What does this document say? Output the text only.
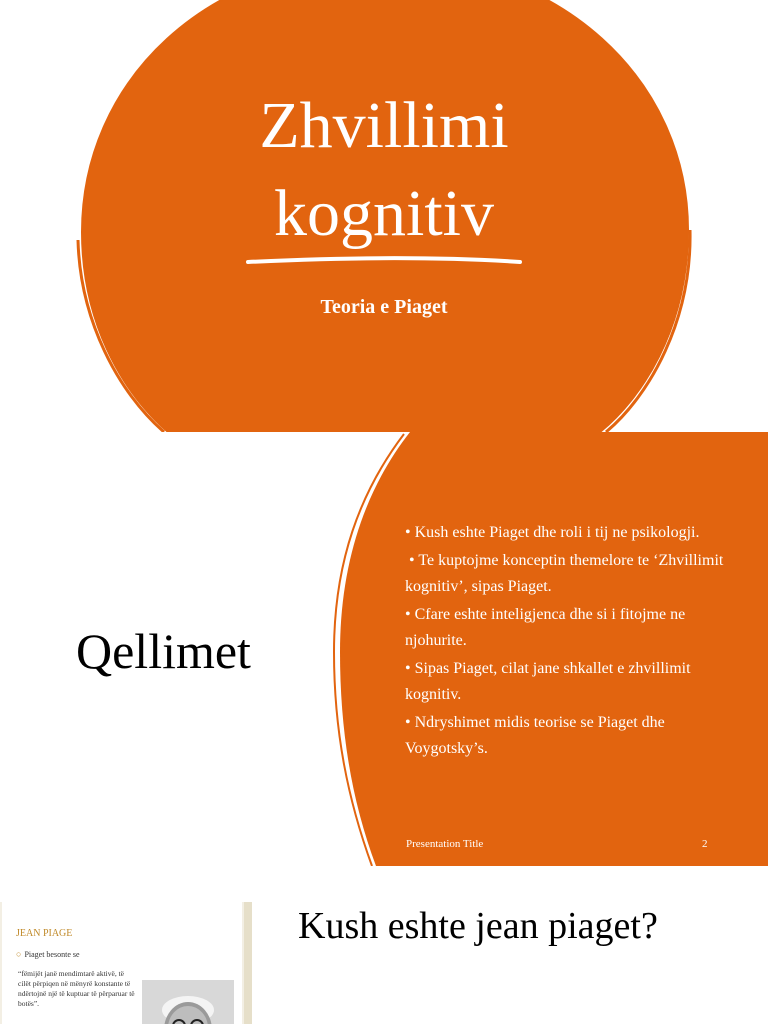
Zhvillimi
kognitiv
Teoria e Piaget
Qellimet
• Kush eshte Piaget dhe roli i tij ne psikologji.
• Te kuptojme konceptin themelore te ‘Zhvillimit   kognitiv’, sipas Piaget.
• Cfare eshte inteligjenca dhe si i fitojme ne njohurite.
• Sipas Piaget, cilat jane shkallet e zhvillimit kognitiv.
• Ndryshimet midis teorise se Piaget dhe Voygotsky’s.
Presentation Title	2
JEAN PIAGE
○ Piaget besonte se
“fëmijët janë mendimtarë aktivë, të cilët përpiqen në mënyrë konstante të ndërtojnë një të kuptuar të përparuar të botës”.
Kush eshte jean piaget?
